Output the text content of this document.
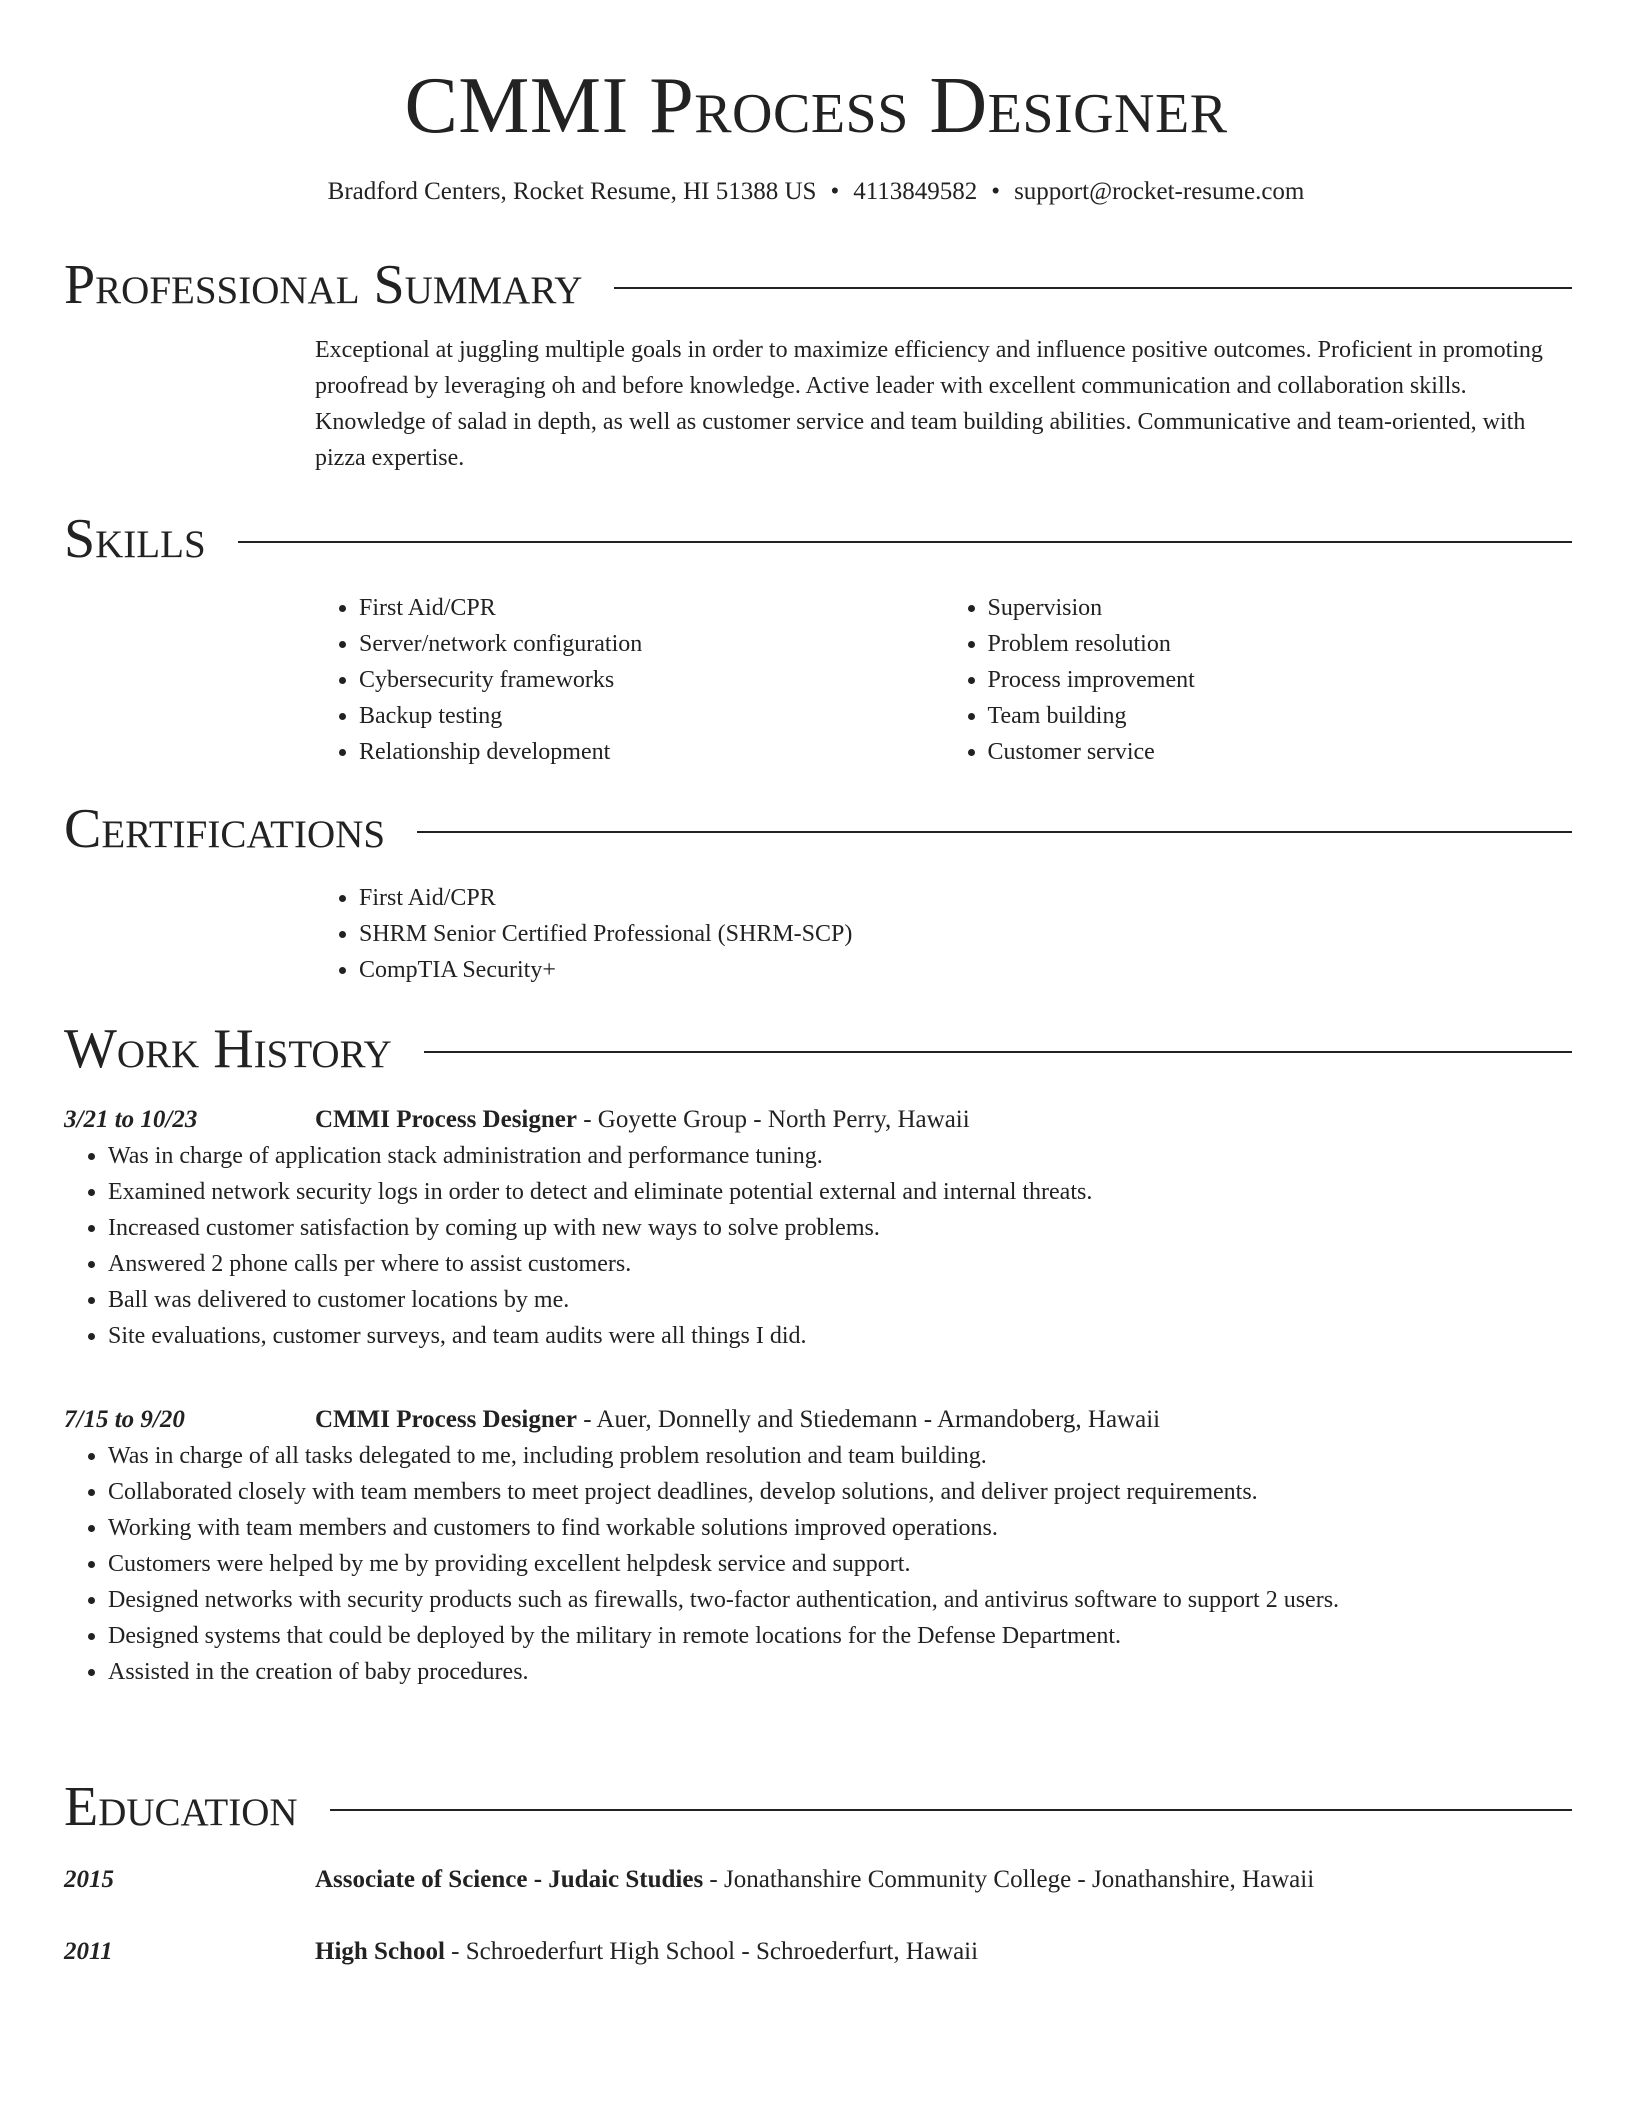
CMMI Process Designer
Bradford Centers, Rocket Resume, HI 51388 US • 4113849582 • support@rocket-resume.com
Professional Summary

Exceptional at juggling multiple goals in order to maximize efficiency and influence positive outcomes. Proficient in promoting proofread by leveraging oh and before knowledge. Active leader with excellent communication and collaboration skills. Knowledge of salad in depth, as well as customer service and team building abilities. Communicative and team-oriented, with pizza expertise.

Skills
• First Aid/CPR
• Server/network configuration
• Cybersecurity frameworks
• Backup testing
• Relationship development
• Supervision
• Problem resolution
• Process improvement
• Team building
• Customer service
Certifications
• First Aid/CPR
• SHRM Senior Certified Professional (SHRM-SCP)
• CompTIA Security+
Work History
3/21 to 10/23	CMMI Process Designer - Goyette Group - North Perry, Hawaii
• Was in charge of application stack administration and performance tuning.
• Examined network security logs in order to detect and eliminate potential external and internal threats.
• Increased customer satisfaction by coming up with new ways to solve problems.
• Answered 2 phone calls per where to assist customers.
• Ball was delivered to customer locations by me.
• Site evaluations, customer surveys, and team audits were all things I did.
7/15 to 9/20	CMMI Process Designer - Auer, Donnelly and Stiedemann - Armandoberg, Hawaii
• Was in charge of all tasks delegated to me, including problem resolution and team building.
• Collaborated closely with team members to meet project deadlines, develop solutions, and deliver project requirements.
• Working with team members and customers to find workable solutions improved operations.
• Customers were helped by me by providing excellent helpdesk service and support.
• Designed networks with security products such as firewalls, two-factor authentication, and antivirus software to support 2 users.
• Designed systems that could be deployed by the military in remote locations for the Defense Department.
• Assisted in the creation of baby procedures.
Education
2015	Associate of Science - Judaic Studies - Jonathanshire Community College - Jonathanshire, Hawaii
2011	High School - Schroederfurt High School - Schroederfurt, Hawaii
